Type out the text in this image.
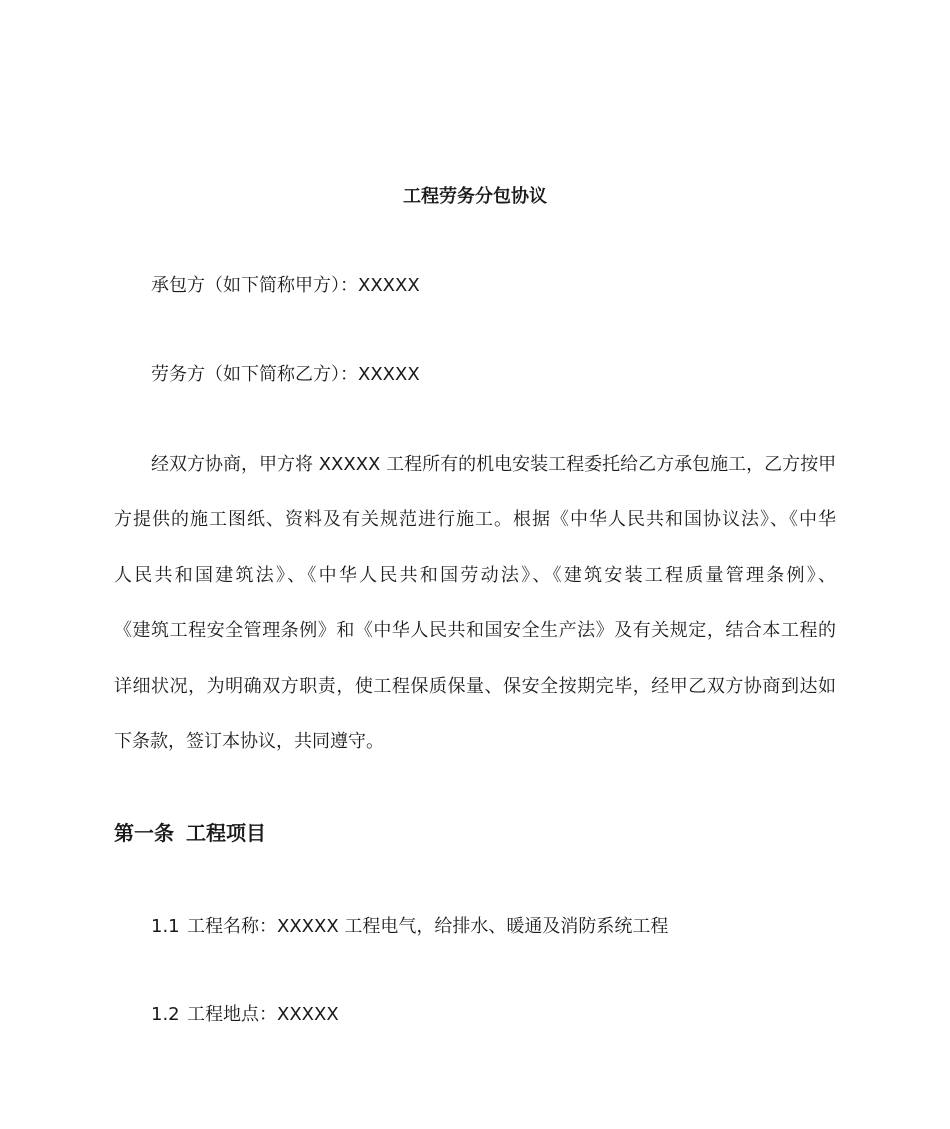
工程劳务分包协议
承包方（如下简称甲方）：XXXXX
劳务方（如下简称乙方）：XXXXX
经双方协商，甲方将 XXXXX 工程所有的机电安装工程委托给乙方承包施工，乙方按甲
方提供的施工图纸、资料及有关规范进行施工。根据《中华人民共和国协议法》、《中华
人民共和国建筑法》、《中华人民共和国劳动法》、《建筑安装工程质量管理条例》、
《建筑工程安全管理条例》和《中华人民共和国安全生产法》及有关规定，结合本工程的
详细状况，为明确双方职责，使工程保质保量、保安全按期完毕，经甲乙双方协商到达如
下条款，签订本协议，共同遵守。
第一条 工程项目
1.1 工程名称：XXXXX 工程电气，给排水、暖通及消防系统工程
1.2 工程地点：XXXXX
